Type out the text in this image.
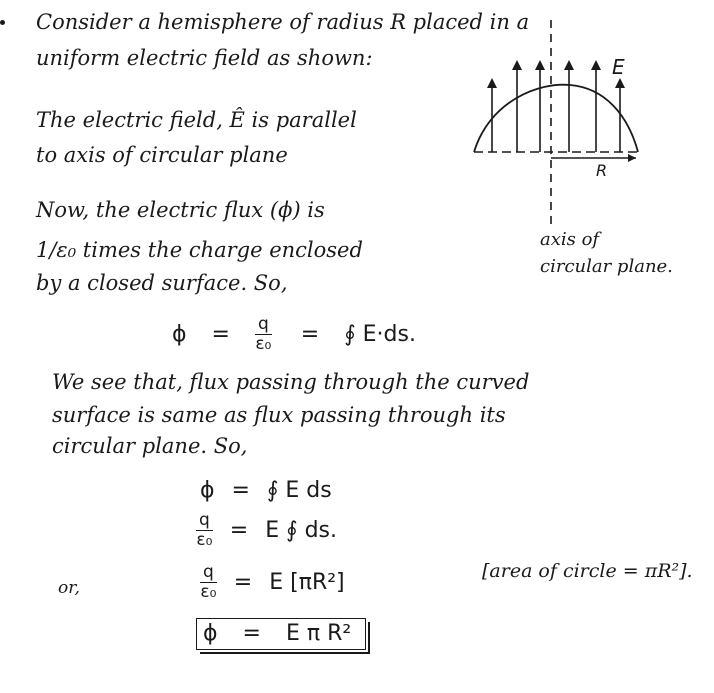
Consider a hemisphere of radius R placed in a
uniform electric field as shown:
The electric field, Ê is parallel
to axis of circular plane
Now, the electric flux (ϕ) is
1/ε₀ times the charge enclosed
by a closed surface. So,
$\phi = \frac{q}{\text{ε₀}}$ = ∮ E·ds.
We see that, flux passing through the curved
surface is same as flux passing through its
circular plane. So,
ϕ = ∮ E ds
$\frac{q}{\text{ε₀}} = E$ ∮ ds.
or,	$\frac{q}{\text{ε₀}} = E$ [πR²]	[area of circle = πR²].
ϕ = E π R²
E
R
axis of
circular plane.
